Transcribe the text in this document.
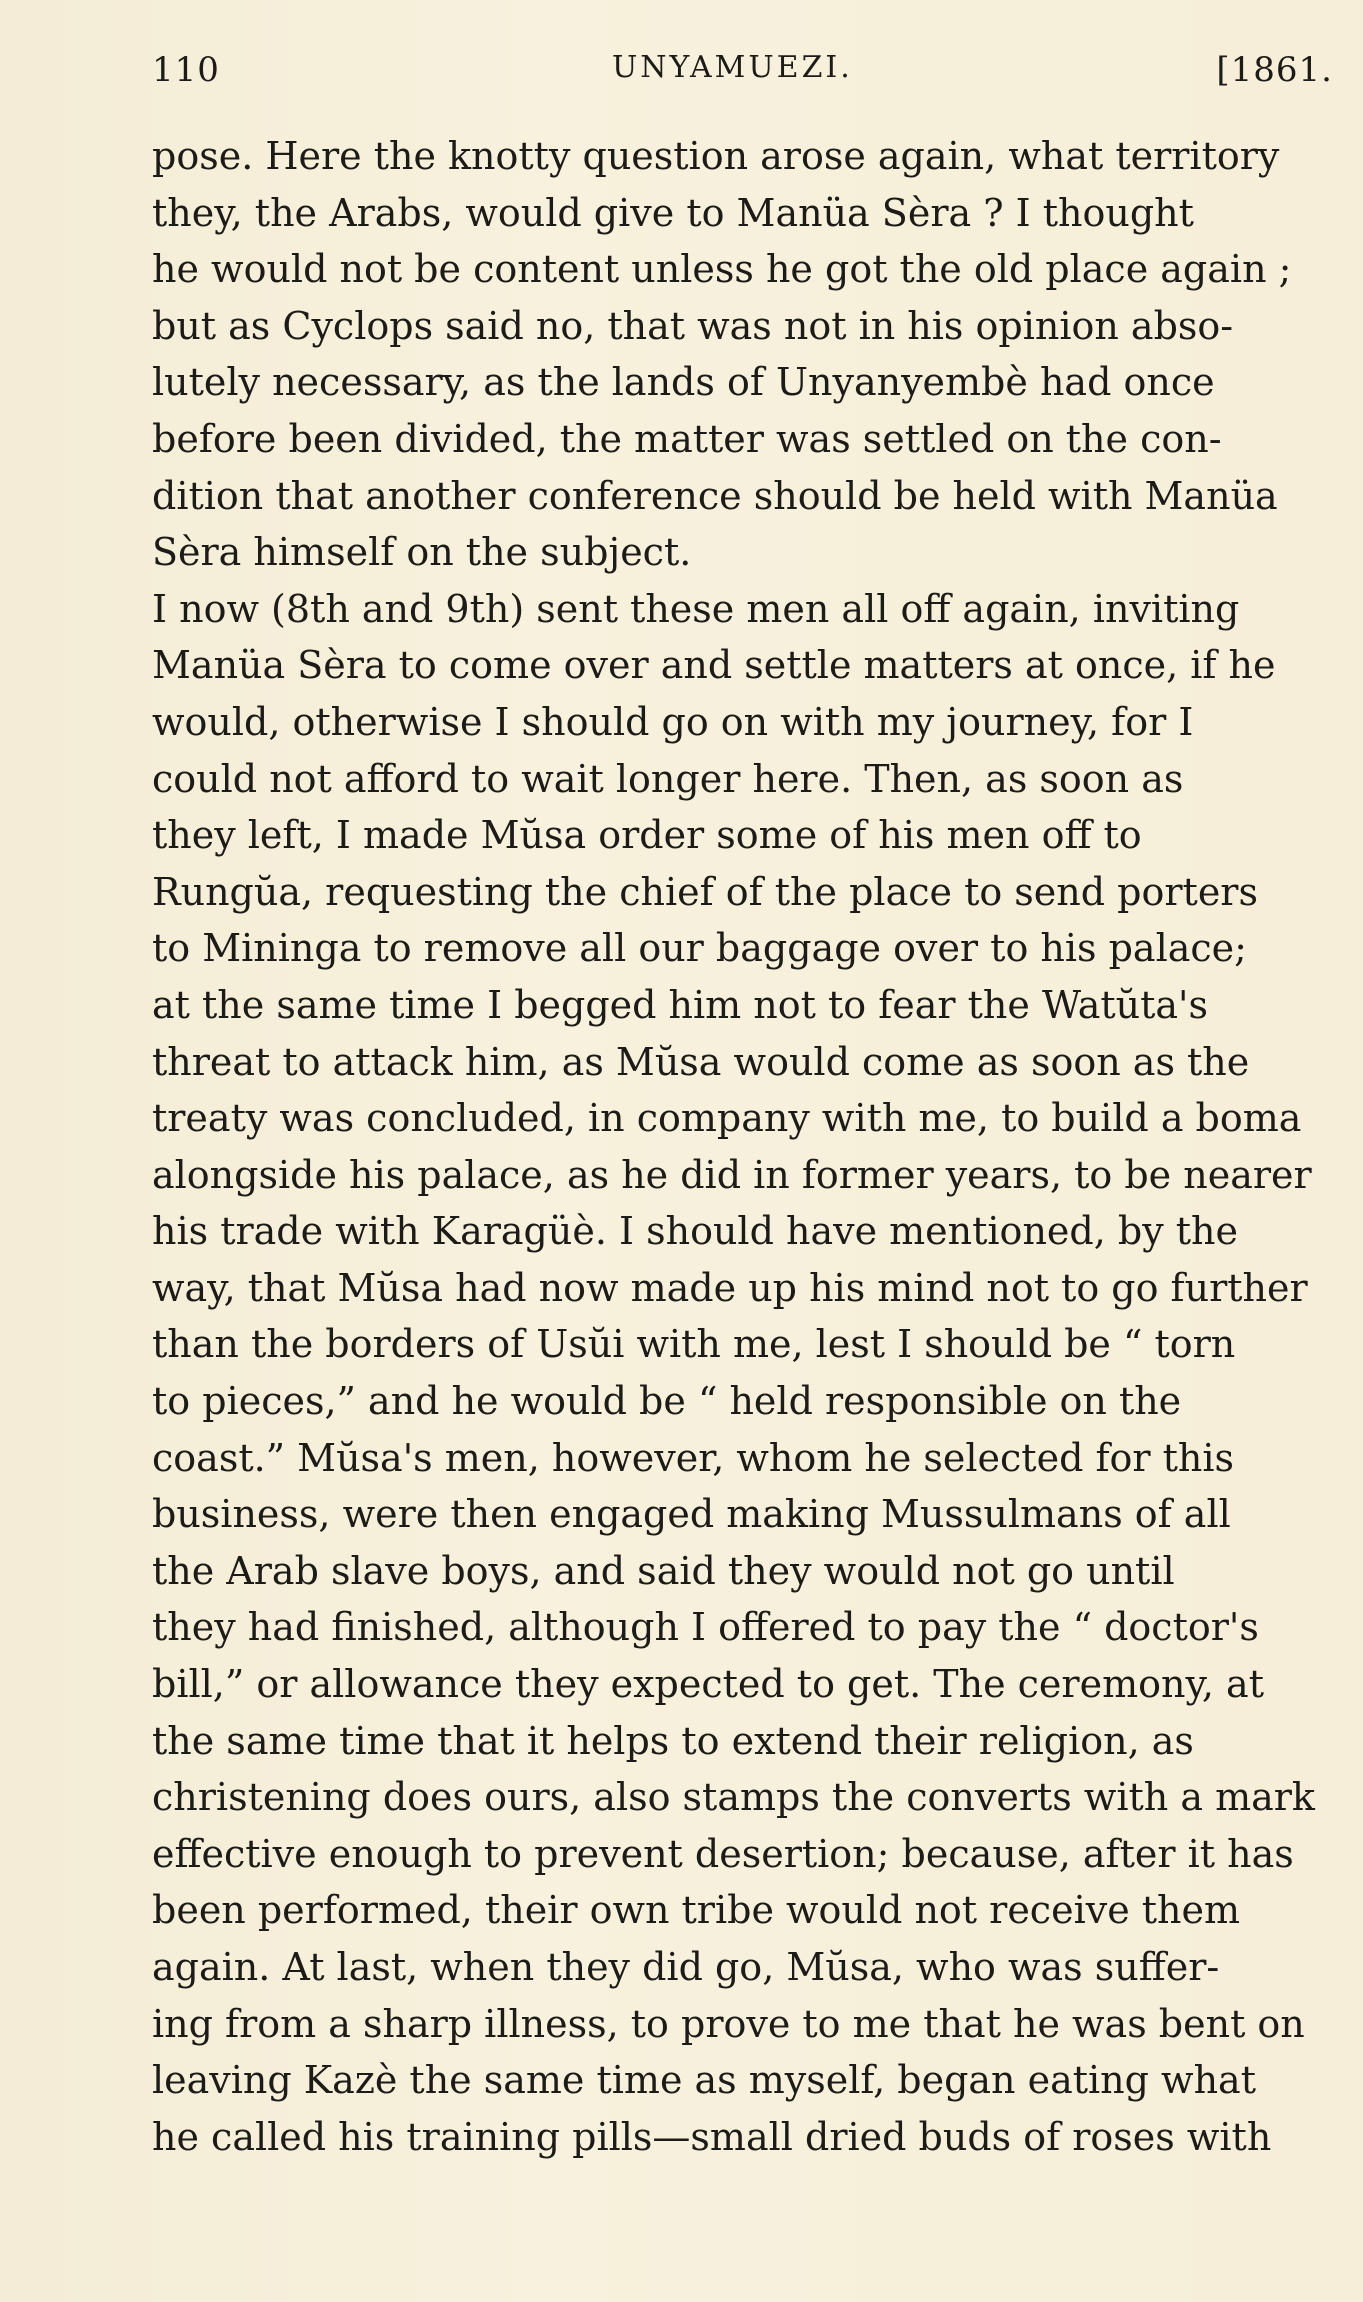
110	UNYAMUEZI.	[1861.
pose. Here the knotty question arose again, what territory
they, the Arabs, would give to Manüa Sèra ? I thought
he would not be content unless he got the old place again ;
but as Cyclops said no, that was not in his opinion abso-
lutely necessary, as the lands of Unyanyembè had once
before been divided, the matter was settled on the con-
dition that another conference should be held with Manüa
Sèra himself on the subject.
I now (8th and 9th) sent these men all off again, inviting
Manüa Sèra to come over and settle matters at once, if he
would, otherwise I should go on with my journey, for I
could not afford to wait longer here. Then, as soon as
they left, I made Mŭsa order some of his men off to
Rungŭa, requesting the chief of the place to send porters
to Mininga to remove all our baggage over to his palace;
at the same time I begged him not to fear the Watŭta's
threat to attack him, as Mŭsa would come as soon as the
treaty was concluded, in company with me, to build a boma
alongside his palace, as he did in former years, to be nearer
his trade with Karagüè. I should have mentioned, by the
way, that Mŭsa had now made up his mind not to go further
than the borders of Usŭi with me, lest I should be “ torn
to pieces,” and he would be “ held responsible on the
coast.” Mŭsa's men, however, whom he selected for this
business, were then engaged making Mussulmans of all
the Arab slave boys, and said they would not go until
they had finished, although I offered to pay the “ doctor's
bill,” or allowance they expected to get. The ceremony, at
the same time that it helps to extend their religion, as
christening does ours, also stamps the converts with a mark
effective enough to prevent desertion; because, after it has
been performed, their own tribe would not receive them
again. At last, when they did go, Mŭsa, who was suffer-
ing from a sharp illness, to prove to me that he was bent on
leaving Kazè the same time as myself, began eating what
he called his training pills—small dried buds of roses with
